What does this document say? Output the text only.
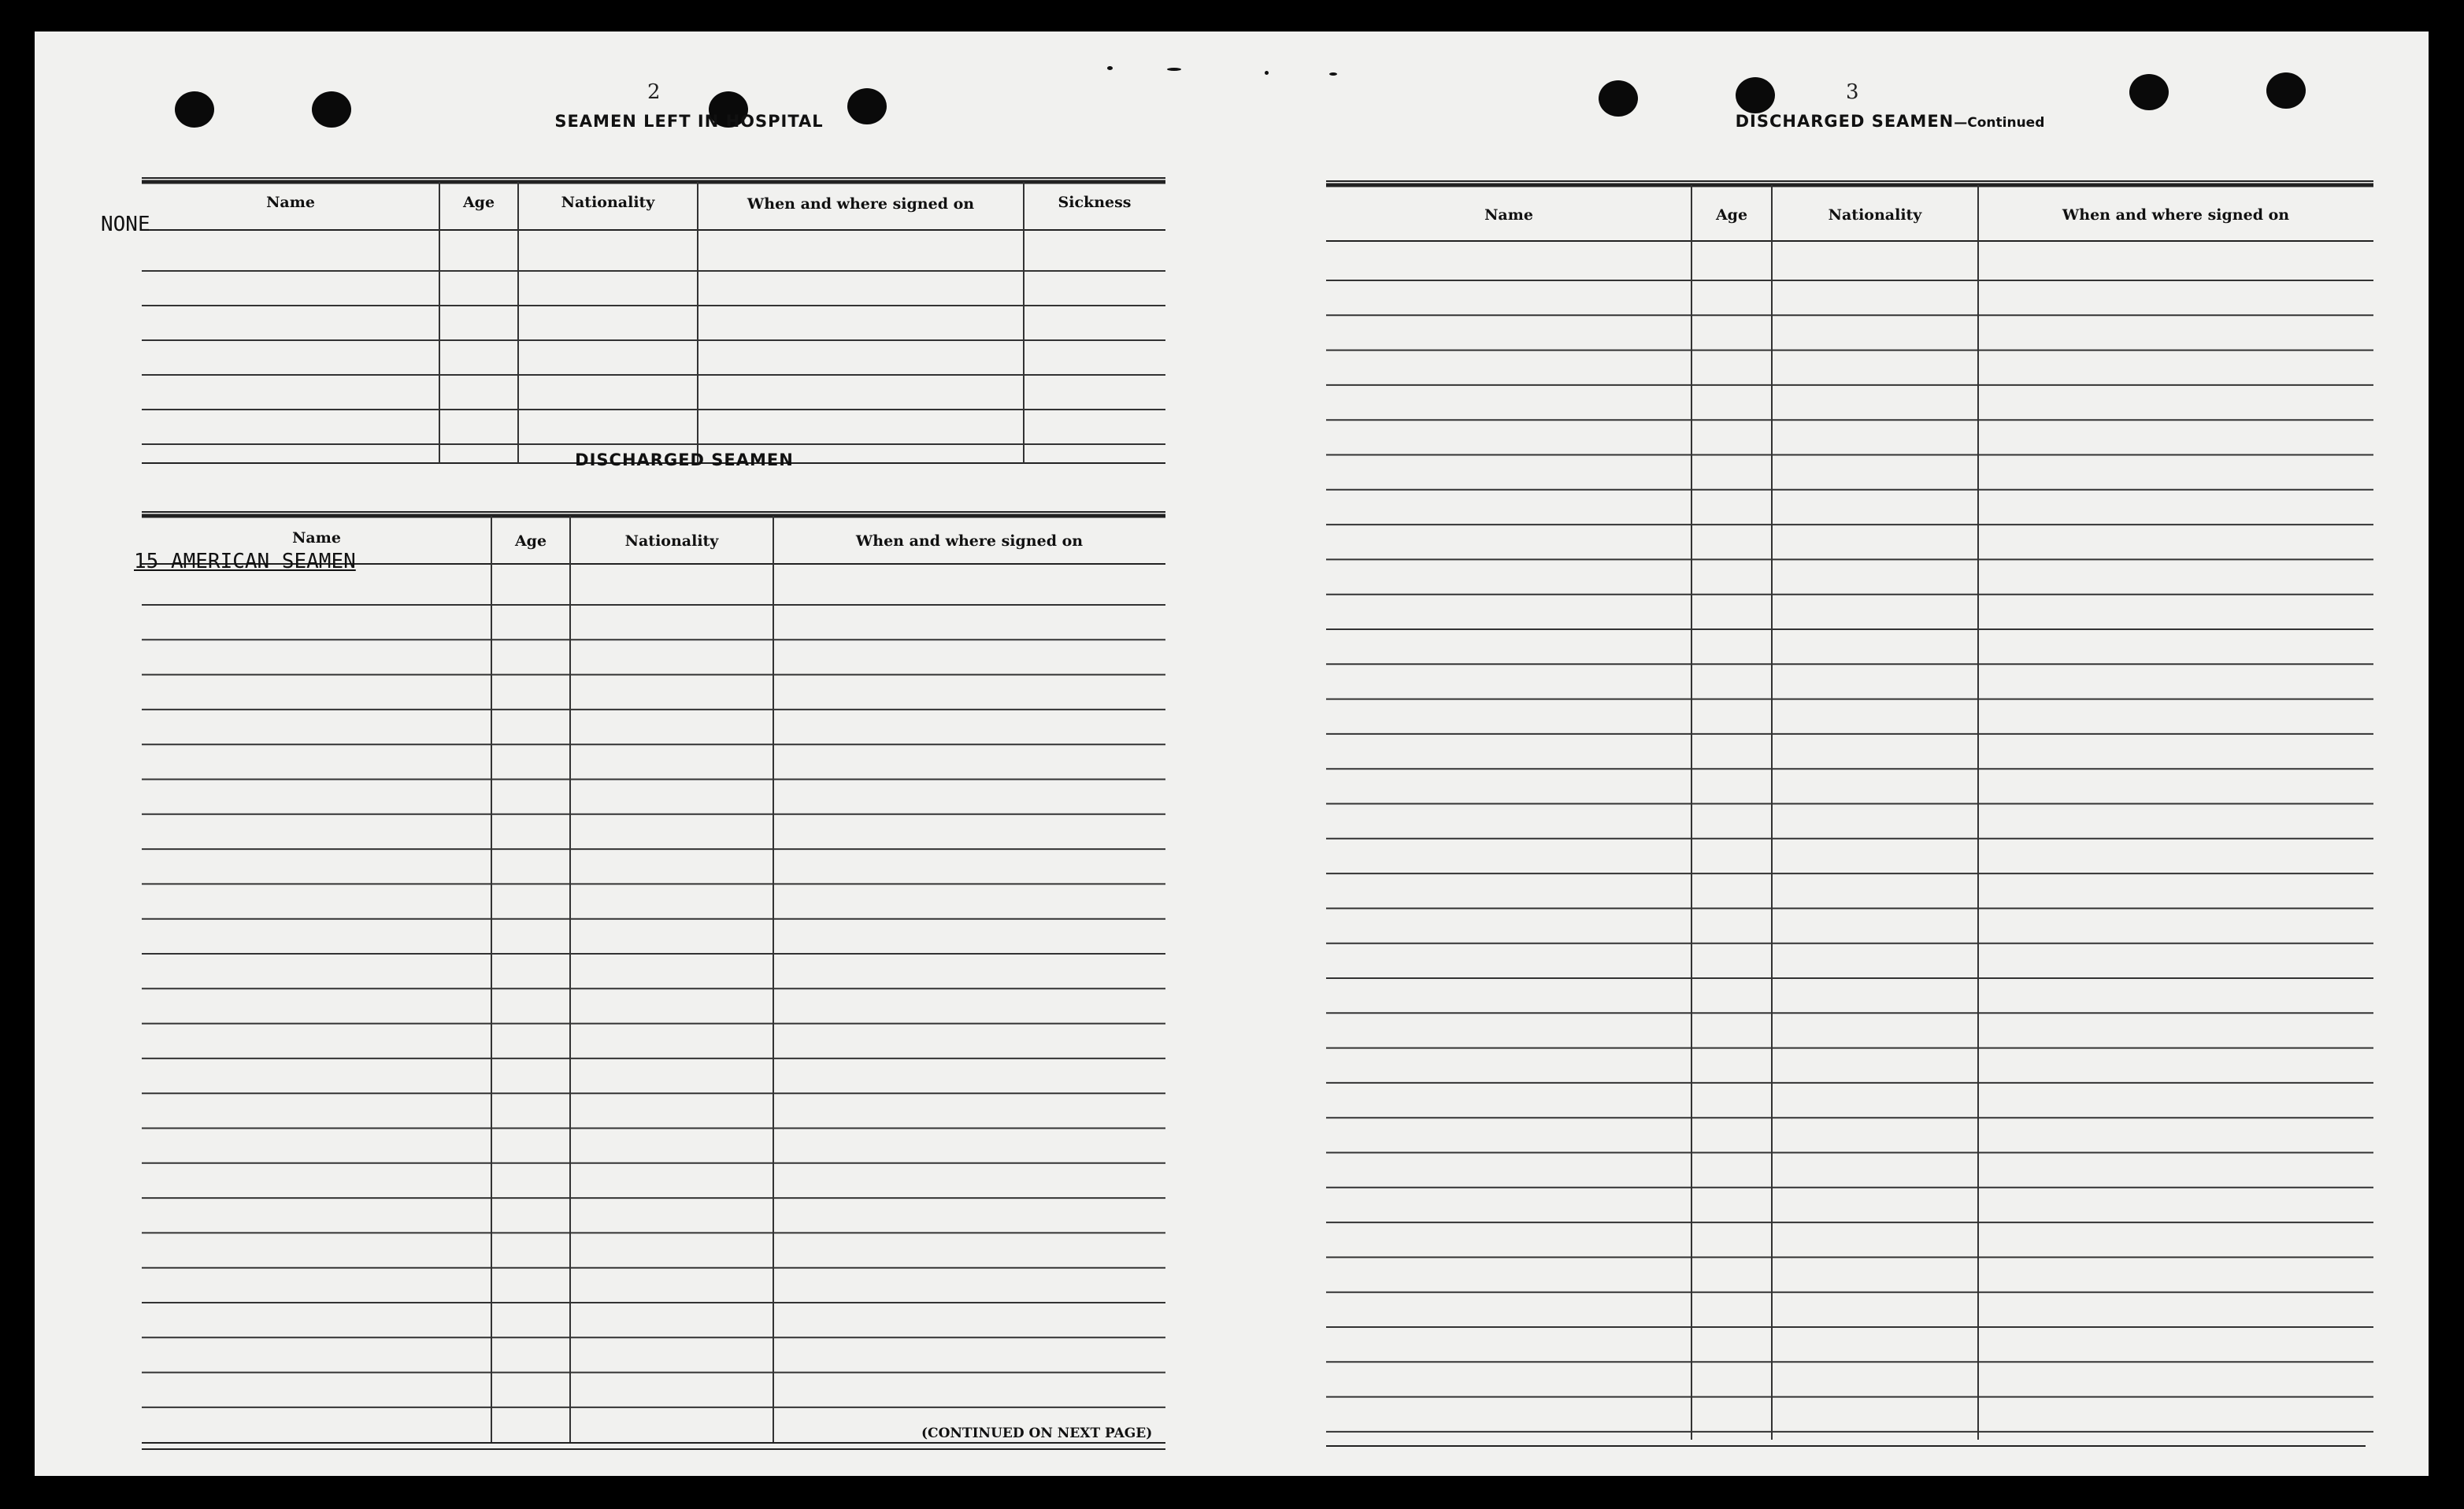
2
SEAMEN LEFT IN HOSPITAL
Name	Age	Nationality	When and where signed on	Sickness
NONE
DISCHARGED SEAMEN
Name	Age	Nationality	When and where signed on
15 AMERICAN SEAMEN
(CONTINUED ON NEXT PAGE)
3
DISCHARGED SEAMEN—Continued
Name	Age	Nationality	When and where signed on
